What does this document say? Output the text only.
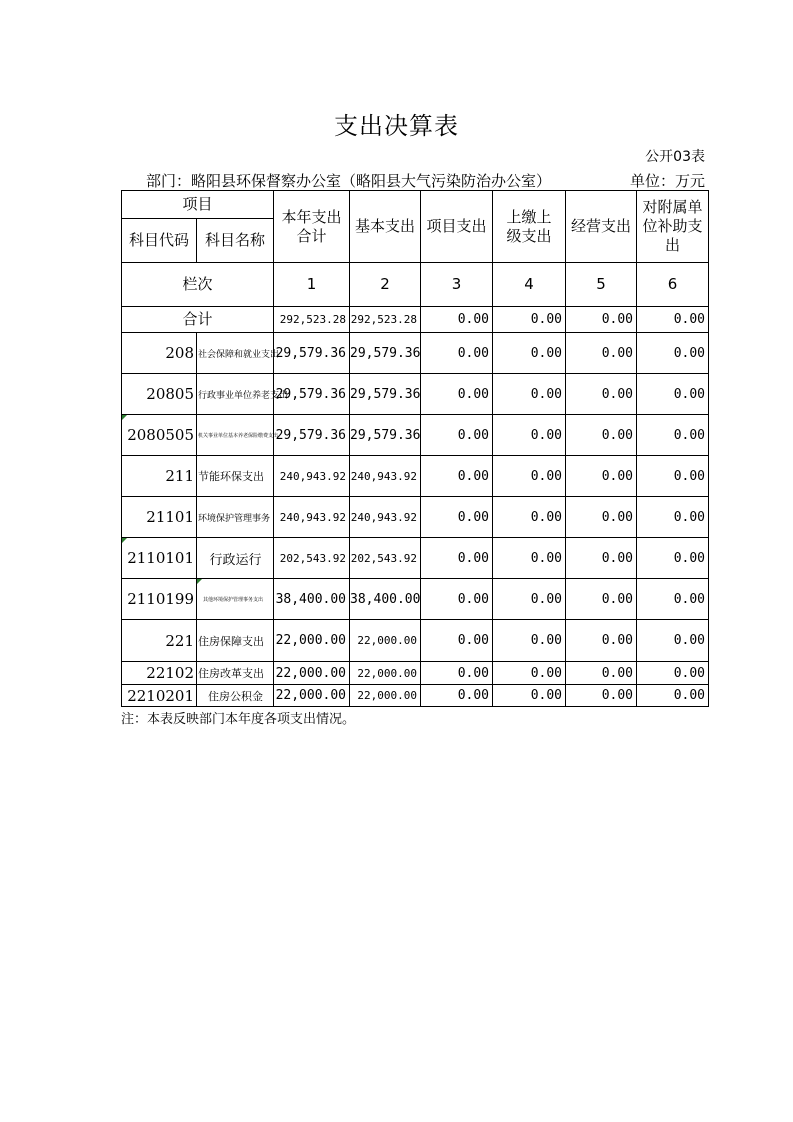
支出决算表
公开03表
部门：略阳县环保督察办公室（略阳县大气污染防治办公室）	单位：万元
项目		本年支出合计	基本支出	项目支出	上缴上级支出	经营支出	对附属单位补助支出
科目代码	科目名称						
栏次		1	2	3	4	5	6
合计		292,523.28	292,523.28	0.00	0.00	0.00	0.00
208	社会保障和就业支出	29,579.36	29,579.36	0.00	0.00	0.00	0.00
20805	行政事业单位养老支出	29,579.36	29,579.36	0.00	0.00	0.00	0.00
2080505	机关事业单位基本养老保险缴费支出	29,579.36	29,579.36	0.00	0.00	0.00	0.00
211	节能环保支出	240,943.92	240,943.92	0.00	0.00	0.00	0.00
21101	环境保护管理事务	240,943.92	240,943.92	0.00	0.00	0.00	0.00
2110101	行政运行	202,543.92	202,543.92	0.00	0.00	0.00	0.00
2110199	其他环境保护管理事务支出	38,400.00	38,400.00	0.00	0.00	0.00	0.00
221	住房保障支出	22,000.00	22,000.00	0.00	0.00	0.00	0.00
22102	住房改革支出	22,000.00	22,000.00	0.00	0.00	0.00	0.00
2210201	住房公积金	22,000.00	22,000.00	0.00	0.00	0.00	0.00
注：本表反映部门本年度各项支出情况。
